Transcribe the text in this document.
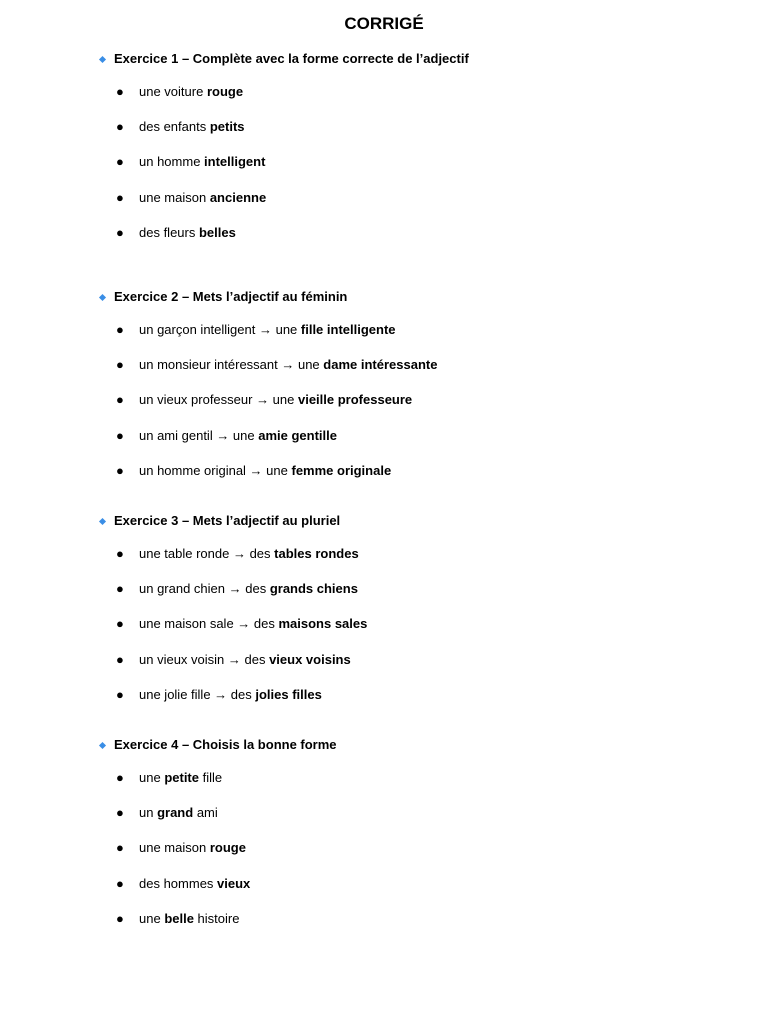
CORRIGÉ
Exercice 1 – Complète avec la forme correcte de l’adjectif
● une voiture rouge
● des enfants petits
● un homme intelligent
● une maison ancienne
● des fleurs belles
Exercice 2 – Mets l’adjectif au féminin
● un garçon intelligent → une fille intelligente
● un monsieur intéressant → une dame intéressante
● un vieux professeur → une vieille professeure
● un ami gentil → une amie gentille
● un homme original → une femme originale
Exercice 3 – Mets l’adjectif au pluriel
● une table ronde → des tables rondes
● un grand chien → des grands chiens
● une maison sale → des maisons sales
● un vieux voisin → des vieux voisins
● une jolie fille → des jolies filles
Exercice 4 – Choisis la bonne forme
● une petite fille
● un grand ami
● une maison rouge
● des hommes vieux
● une belle histoire
